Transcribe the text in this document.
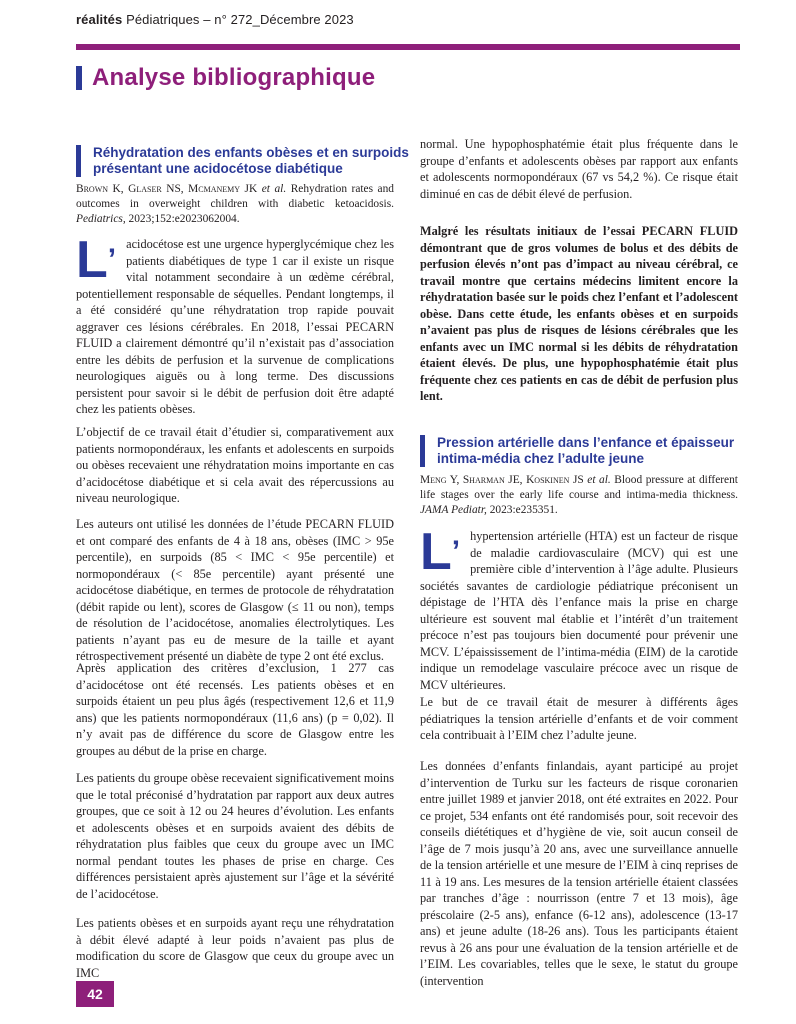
réalités Pédiatriques – n° 272_Décembre 2023
Analyse bibliographique
Réhydratation des enfants obèses et en surpoids présentant une acidocétose diabétique
Brown K, Glaser NS, Mcmanemy JK et al. Rehydration rates and outcomes in overweight children with diabetic ketoacidosis. Pediatrics, 2023;152:e2023062004.
L’ acidocétose est une urgence hyperglycémique chez les patients diabétiques de type 1 car il existe un risque vital notamment secondaire à un œdème cérébral, potentiellement responsable de séquelles. Pendant longtemps, il a été considéré qu’une réhydratation trop rapide pouvait aggraver ces lésions cérébrales. En 2018, l’essai PECARN FLUID a clairement démontré qu’il n’existait pas d’association entre les débits de perfusion et la survenue de complications neurologiques aiguës ou à long terme. Des discussions persistent pour savoir si le débit de perfusion doit être adapté chez les patients obèses.
L’objectif de ce travail était d’étudier si, comparativement aux patients normopondéraux, les enfants et adolescents en surpoids ou obèses recevaient une réhydratation moins importante en cas d’acidocétose diabétique et si cela avait des répercussions au niveau neurologique.
Les auteurs ont utilisé les données de l’étude PECARN FLUID et ont comparé des enfants de 4 à 18 ans, obèses (IMC > 95e percentile), en surpoids (85 < IMC < 95e percentile) et normopondéraux (< 85e percentile) ayant présenté une acidocétose diabétique, en termes de protocole de réhydratation (débit rapide ou lent), scores de Glasgow (≤ 11 ou non), temps de résolution de l’acidocétose, anomalies électrolytiques. Les patients n’ayant pas eu de mesure de la taille et ayant rétrospectivement présenté un diabète de type 2 ont été exclus.
Après application des critères d’exclusion, 1 277 cas d’acidocétose ont été recensés. Les patients obèses et en surpoids étaient un peu plus âgés (respectivement 12,6 et 11,9 ans) que les patients normopondéraux (11,6 ans) (p = 0,02). Il n’y avait pas de différence du score de Glasgow entre les groupes au début de la prise en charge.
Les patients du groupe obèse recevaient significativement moins que le total préconisé d’hydratation par rapport aux deux autres groupes, que ce soit à 12 ou 24 heures d’évolution. Les enfants et adolescents obèses et en surpoids avaient des débits de réhydratation plus faibles que ceux du groupe avec un IMC normal pendant toutes les phases de prise en charge. Ces différences persistaient après ajustement sur l’âge et la sévérité de l’acidocétose.
Les patients obèses et en surpoids ayant reçu une réhydratation à débit élevé adapté à leur poids n’avaient pas plus de modification du score de Glasgow que ceux du groupe avec un IMC
normal. Une hypophosphatémie était plus fréquente dans le groupe d’enfants et adolescents obèses par rapport aux enfants et adolescents normopondéraux (67 vs 54,2 %). Ce risque était diminué en cas de débit élevé de perfusion.
Malgré les résultats initiaux de l’essai PECARN FLUID démontrant que de gros volumes de bolus et des débits de perfusion élevés n’ont pas d’impact au niveau cérébral, ce travail montre que certains médecins limitent encore la réhydratation basée sur le poids chez l’enfant et l’adolescent obèse. Dans cette étude, les enfants obèses et en surpoids n’avaient pas plus de risques de lésions cérébrales que les enfants avec un IMC normal si les débits de réhydratation étaient élevés. De plus, une hypophosphatémie était plus fréquente chez ces patients en cas de débit de perfusion plus lent.
Pression artérielle dans l’enfance et épaisseur intima-média chez l’adulte jeune
Meng Y, Sharman JE, Koskinen JS et al. Blood pressure at different life stages over the early life course and intima-media thickness. JAMA Pediatr, 2023:e235351.
L’ hypertension artérielle (HTA) est un facteur de risque de maladie cardiovasculaire (MCV) qui est une première cible d’intervention à l’âge adulte. Plusieurs sociétés savantes de cardiologie pédiatrique préconisent un dépistage de l’HTA dès l’enfance mais la prise en charge ultérieure est souvent mal établie et l’intérêt d’un traitement précoce n’est pas toujours bien documenté pour prévenir une MCV. L’épaississement de l’intima-média (EIM) de la carotide indique un remodelage vasculaire précoce avec un risque de MCV ultérieures.
Le but de ce travail était de mesurer à différents âges pédiatriques la tension artérielle d’enfants et de voir comment cela contribuait à l’EIM chez l’adulte jeune.
Les données d’enfants finlandais, ayant participé au projet d’intervention de Turku sur les facteurs de risque coronarien entre juillet 1989 et janvier 2018, ont été extraites en 2022. Pour ce projet, 534 enfants ont été randomisés pour, soit recevoir des conseils diététiques et d’hygiène de vie, soit aucun conseil de l’âge de 7 mois jusqu’à 20 ans, avec une surveillance annuelle de la tension artérielle et une mesure de l’EIM à cinq reprises de 11 à 19 ans. Les mesures de la tension artérielle étaient classées par tranches d’âge : nourrisson (entre 7 et 13 mois), âge préscolaire (2-5 ans), enfance (6-12 ans), adolescence (13-17 ans) et jeune adulte (18-26 ans). Tous les participants étaient revus à 26 ans pour une évaluation de la tension artérielle et de l’EIM. Les covariables, telles que le sexe, le statut du groupe (intervention
42
